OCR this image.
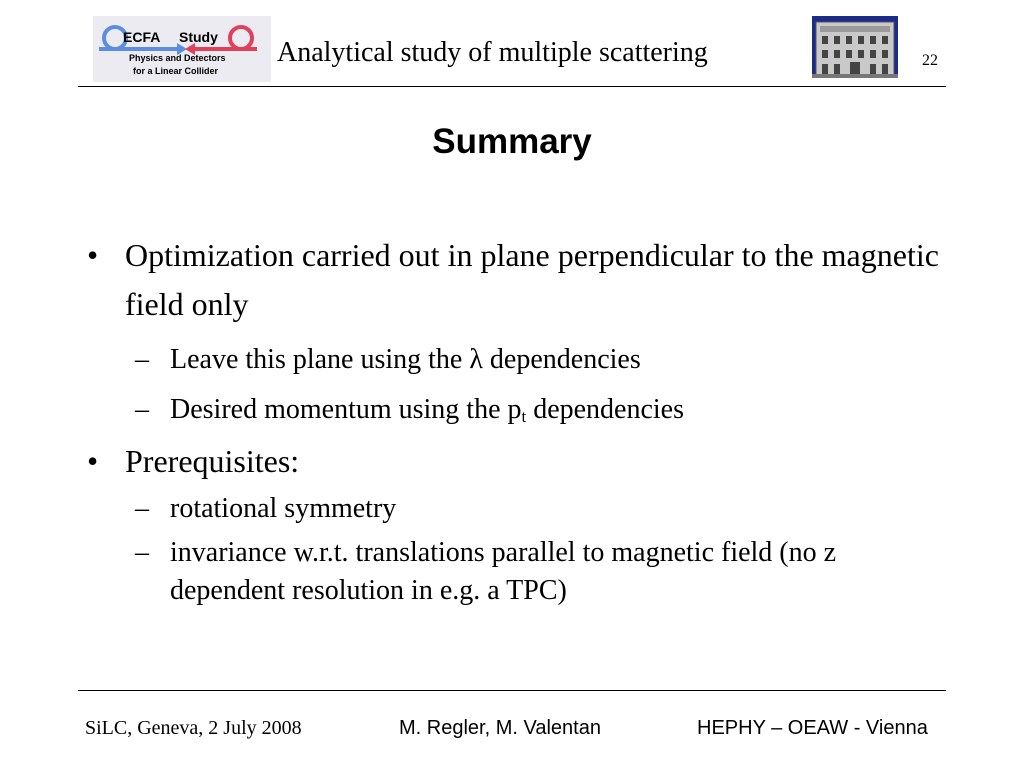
ECFA Study
Physics and Detectors
for a Linear Collider
Analytical study of multiple scattering	22
Summary
• Optimization carried out in plane perpendicular to the magnetic field only
– Leave this plane using the λ dependencies
– Desired momentum using the $p_t$ dependencies
• Prerequisites:
– rotational symmetry
– invariance w.r.t. translations parallel to magnetic field (no z dependent resolution in e.g. a TPC)
SiLC, Geneva, 2 July 2008	M. Regler, M. Valentan	HEPHY – OEAW - Vienna
